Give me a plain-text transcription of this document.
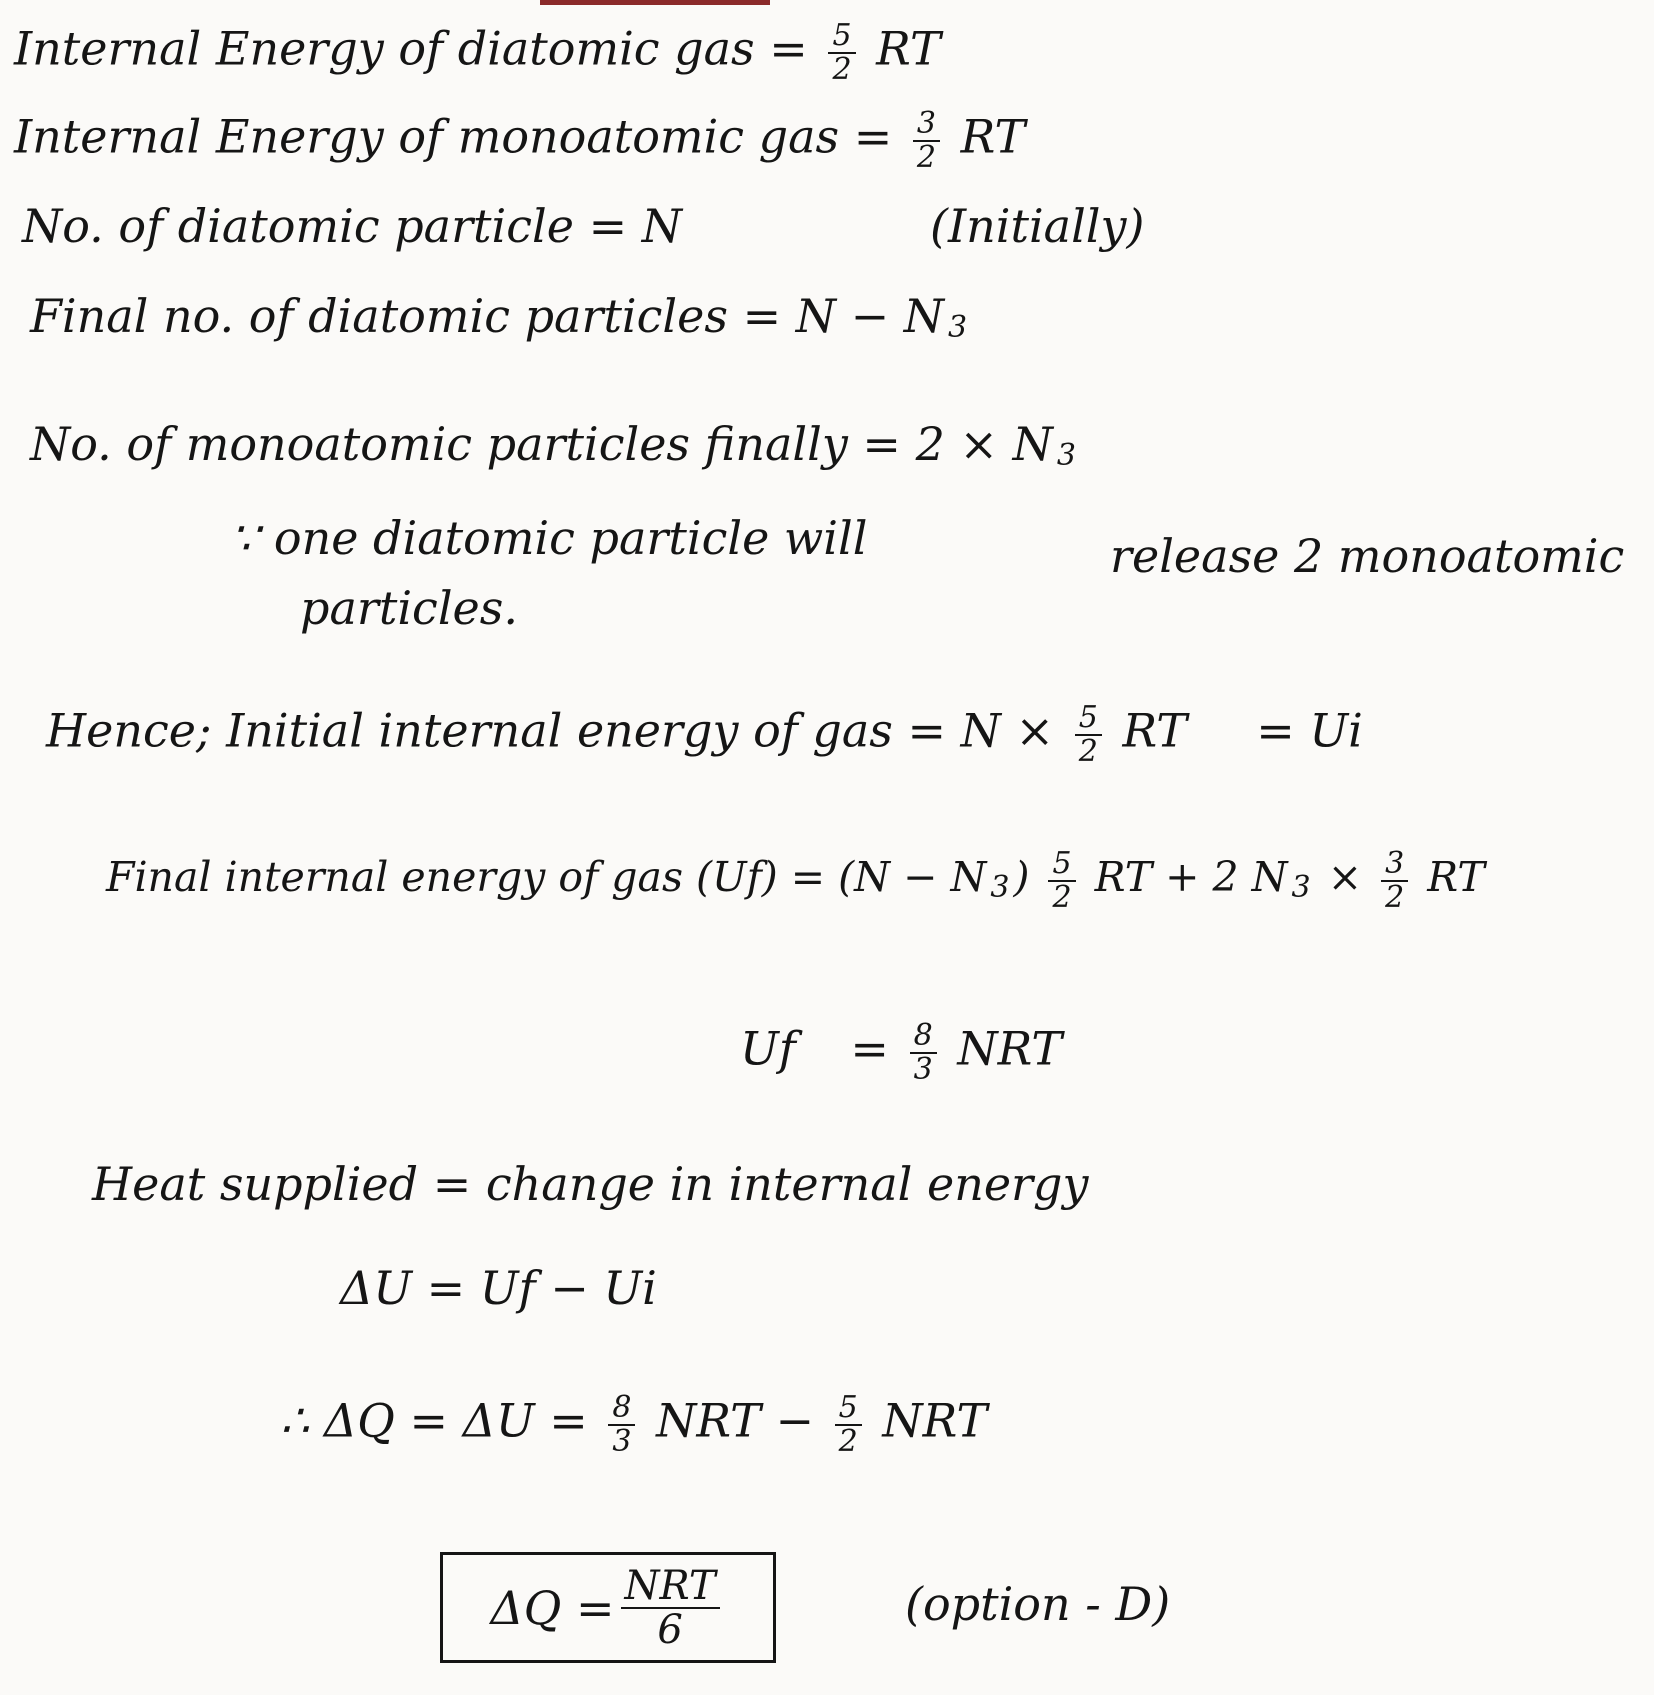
Internal Energy of diatomic gas = $\frac{5}{2}$ RT
Internal Energy of monoatomic gas = $\frac{3}{2}$ RT
No. of diatomic particle = N	(Initially)
Final no. of diatomic particles = N − N $_3$
No. of monoatomic particles finally = 2 × N $_3$
∵ one diatomic particle will	release 2 monoatomic
particles.
Hence; Initial internal energy of gas = $N \times \frac{5}{2}$ RT = Ui
Final internal energy of gas (Uf) = (N − N $_3) \frac{5}{2}$ RT + 2 N $_3 \times \frac{3}{2}$ RT
$Uf = \frac{8}{3}$ NRT
Heat supplied = change in internal energy
ΔU = Uf − Ui
∴ $\Delta Q = \Delta U = \frac{8}{3}$ NRT − $\frac{5}{2}$ NRT
$\Delta Q = \frac{\text{NRT}}{6}$	(option - D)
